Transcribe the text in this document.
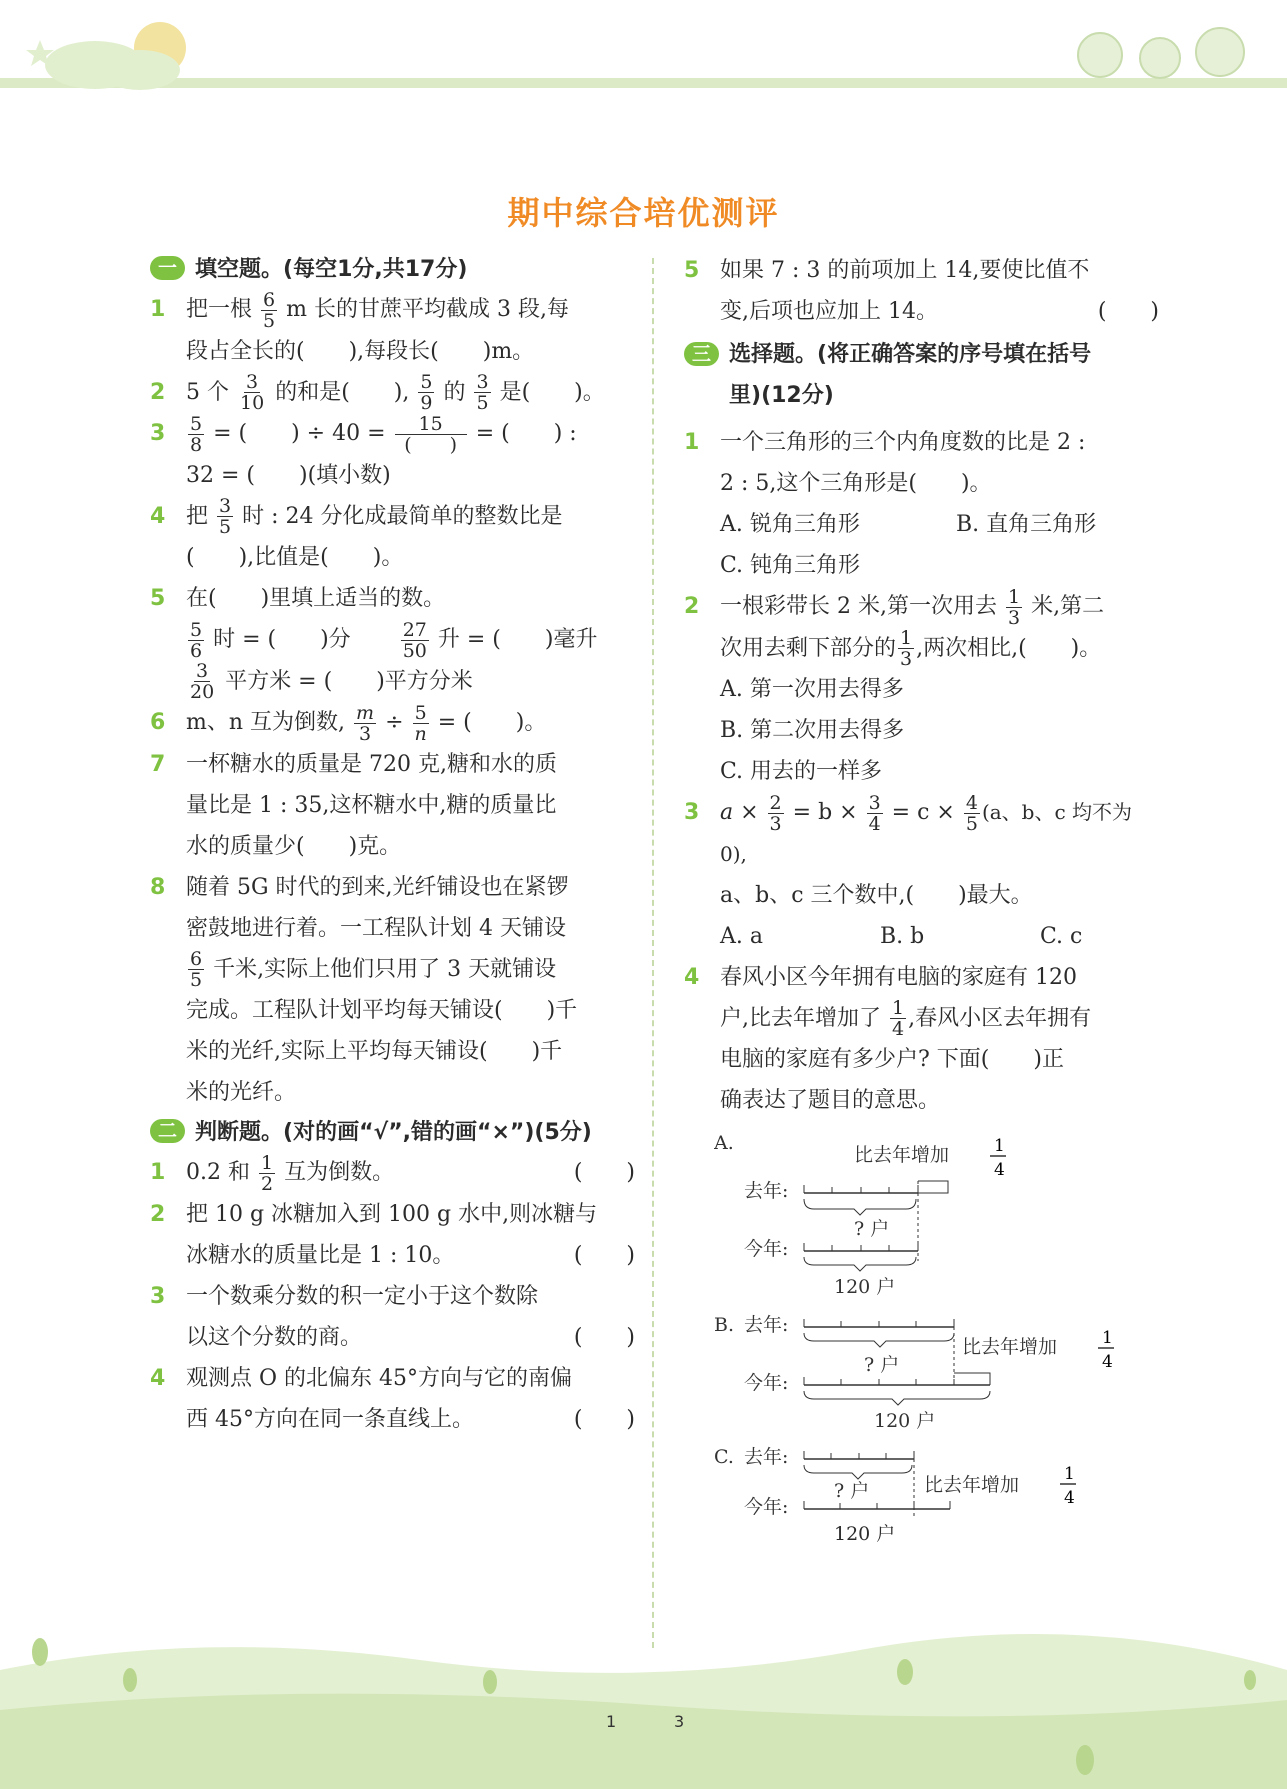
期中综合培优测评
一 填空题。(每空1分,共17分)
1 把一根 $\frac{6}{5}$ m 长的甘蔗平均截成 3 段,每
段占全长的(　　),每段长(　　)m。
2 5 个 $\frac{3}{10}$ 的和是(　　), $\frac{5}{9}$ 的 $\frac{3}{5}$ 是(　　)。
$3 \frac{5}{8}$ = (　　) ÷ $40 = \frac{15}{( )}$ = (　　) :
32 = (　　)(填小数)
4 把 $\frac{3}{5}$ 时 : 24 分化成最简单的整数比是
(　　),比值是(　　)。
5 在(　　)里填上适当的数。

$\frac{5}{6}$ 时 = (　　)分	$\frac{27}{50}$ 升 = (　　)毫升

$\frac{3}{20}$ 平方米 = (　　)平方分米
6 m、n 互为倒数, $\frac{m}{3} \div \frac{5}{n}$ = (　　)。
7 一杯糖水的质量是 720 克,糖和水的质
量比是 1 : 35,这杯糖水中,糖的质量比
水的质量少(　　)克。
8 随着 5G 时代的到来,光纤铺设也在紧锣
密鼓地进行着。一工程队计划 4 天铺设

$\frac{6}{5}$ 千米,实际上他们只用了 3 天就铺设
完成。工程队计划平均每天铺设(　　)千
米的光纤,实际上平均每天铺设(　　)千
米的光纤。
二 判断题。(对的画“√”,错的画“×”)(5分)
1 0.2 和 $\frac{1}{2}$ 互为倒数。	(　　)
2 把 10 g 冰糖加入到 100 g 水中,则冰糖与
冰糖水的质量比是 1 : 10。	(　　)
3 一个数乘分数的积一定小于这个数除
以这个分数的商。	(　　)
4 观测点 O 的北偏东 45°方向与它的南偏
西 45°方向在同一条直线上。	(　　)
5 如果 7 : 3 的前项加上 14,要使比值不
变,后项也应加上 14。	(　　)
三 选择题。(将正确答案的序号填在括号
里)(12分)
1 一个三角形的三个内角度数的比是 2 :
2 : 5,这个三角形是(　　)。
A. 锐角三角形	B. 直角三角形
C. 钝角三角形
2 一根彩带长 2 米,第一次用去 $\frac{1}{3}$ 米,第二
次用去剩下部分的 $\frac{1}{3}$ ,两次相比,(　　)。
A. 第一次用去得多
B. 第二次用去得多
C. 用去的一样多
3 $a \times \frac{2}{3} = b \times \frac{3}{4} = c \times \frac{4}{5} (a$、b、c 均不为 0),
a、b、c 三个数中,(　　)最大。
A. a	B. b	C. c
4 春风小区今年拥有电脑的家庭有 120
户,比去年增加了 $\frac{1}{4}$ ,春风小区去年拥有
电脑的家庭有多少户? 下面(　　)正
确表达了题目的意思。
A.
比去年增加	1
4
去年:
? 户
今年:
120 户
B. 去年:
比去年增加	1
4
? 户
今年:
120 户
C. 去年:
比去年增加	1
4
? 户
今年:
120 户
1	3
